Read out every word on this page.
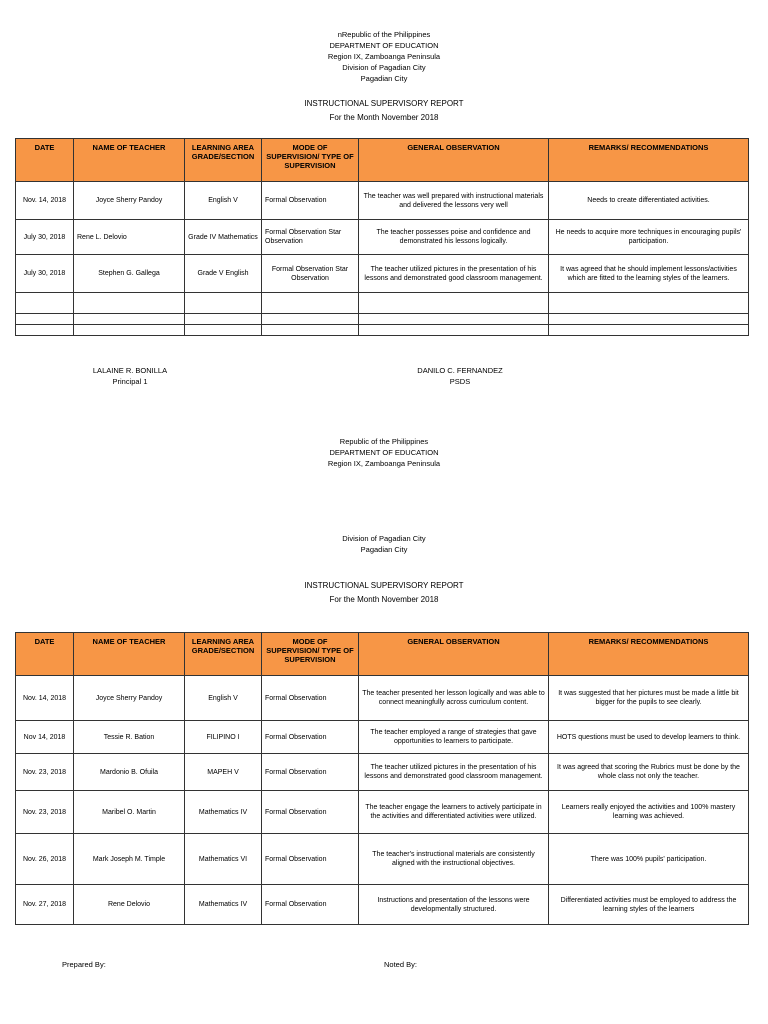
nRepublic of the Philippines
DEPARTMENT OF EDUCATION
Region IX, Zamboanga Peninsula
Division of Pagadian City
Pagadian City
INSTRUCTIONAL SUPERVISORY REPORT
For the Month November 2018
DATE	NAME OF TEACHER	LEARNING AREA GRADE/SECTION	MODE OF SUPERVISION/ TYPE OF SUPERVISION	GENERAL OBSERVATION	REMARKS/ RECOMMENDATIONS
Nov. 14, 2018	Joyce Sherry Pandoy	English V	Formal Observation	The teacher was well prepared with instructional materials and delivered the lessons very well	Needs to create differentiated activities.
July 30, 2018	Rene L. Delovio	Grade IV Mathematics	Formal Observation Star Observation	The teacher possesses poise and confidence and demonstrated his lessons logically.	He needs to acquire more techniques in encouraging pupils' participation.
July 30, 2018	Stephen G. Gallega	Grade V English	Formal Observation Star Observation	The teacher utilized pictures in the presentation of his lessons and demonstrated good classroom management.	It was agreed that he should implement lessons/activities which are fitted to the learning styles of the learners.

LALAINE R. BONILLA
Principal 1
DANILO C. FERNANDEZ
PSDS
Republic of the Philippines
DEPARTMENT OF EDUCATION
Region IX, Zamboanga Peninsula
Division of Pagadian City
Pagadian City
INSTRUCTIONAL SUPERVISORY REPORT
For the Month November 2018
DATE	NAME OF TEACHER	LEARNING AREA GRADE/SECTION	MODE OF SUPERVISION/ TYPE OF SUPERVISION	GENERAL OBSERVATION	REMARKS/ RECOMMENDATIONS
Nov. 14, 2018	Joyce Sherry Pandoy	English V	Formal Observation	The teacher presented her lesson logically and was able to connect meaningfully across curriculum content.	It was suggested that her pictures must be made a little bit bigger for the pupils to see clearly.
Nov 14, 2018	Tessie R. Bation	FILIPINO I	Formal Observation	The teacher employed a range of strategies that gave opportunities to learners to participate.	HOTS questions must be used to develop learners to think.
Nov. 23, 2018	Mardonio B. Ofuila	MAPEH V	Formal Observation	The teacher utilized pictures in the presentation of his lessons and demonstrated good classroom management.	It was agreed that scoring the Rubrics must be done by the whole class not only the teacher.
Nov. 23, 2018	Maribel O. Martin	Mathematics IV	Formal Observation	The teacher engage the learners to actively participate in the activities and differentiated activities were utilized.	Learners really enjoyed the activities and 100% mastery learning was achieved.
Nov. 26, 2018	Mark Joseph M. Timple	Mathematics VI	Formal Observation	The teacher's instructional materials are consistently aligned with the instructional objectives.	There was 100% pupils' participation.
Nov. 27, 2018	Rene Delovio	Mathematics IV	Formal Observation	Instructions and presentation of the lessons were developmentally structured.	Differentiated activities must be employed to address the learning styles of the learners
Prepared By:	Noted By:
